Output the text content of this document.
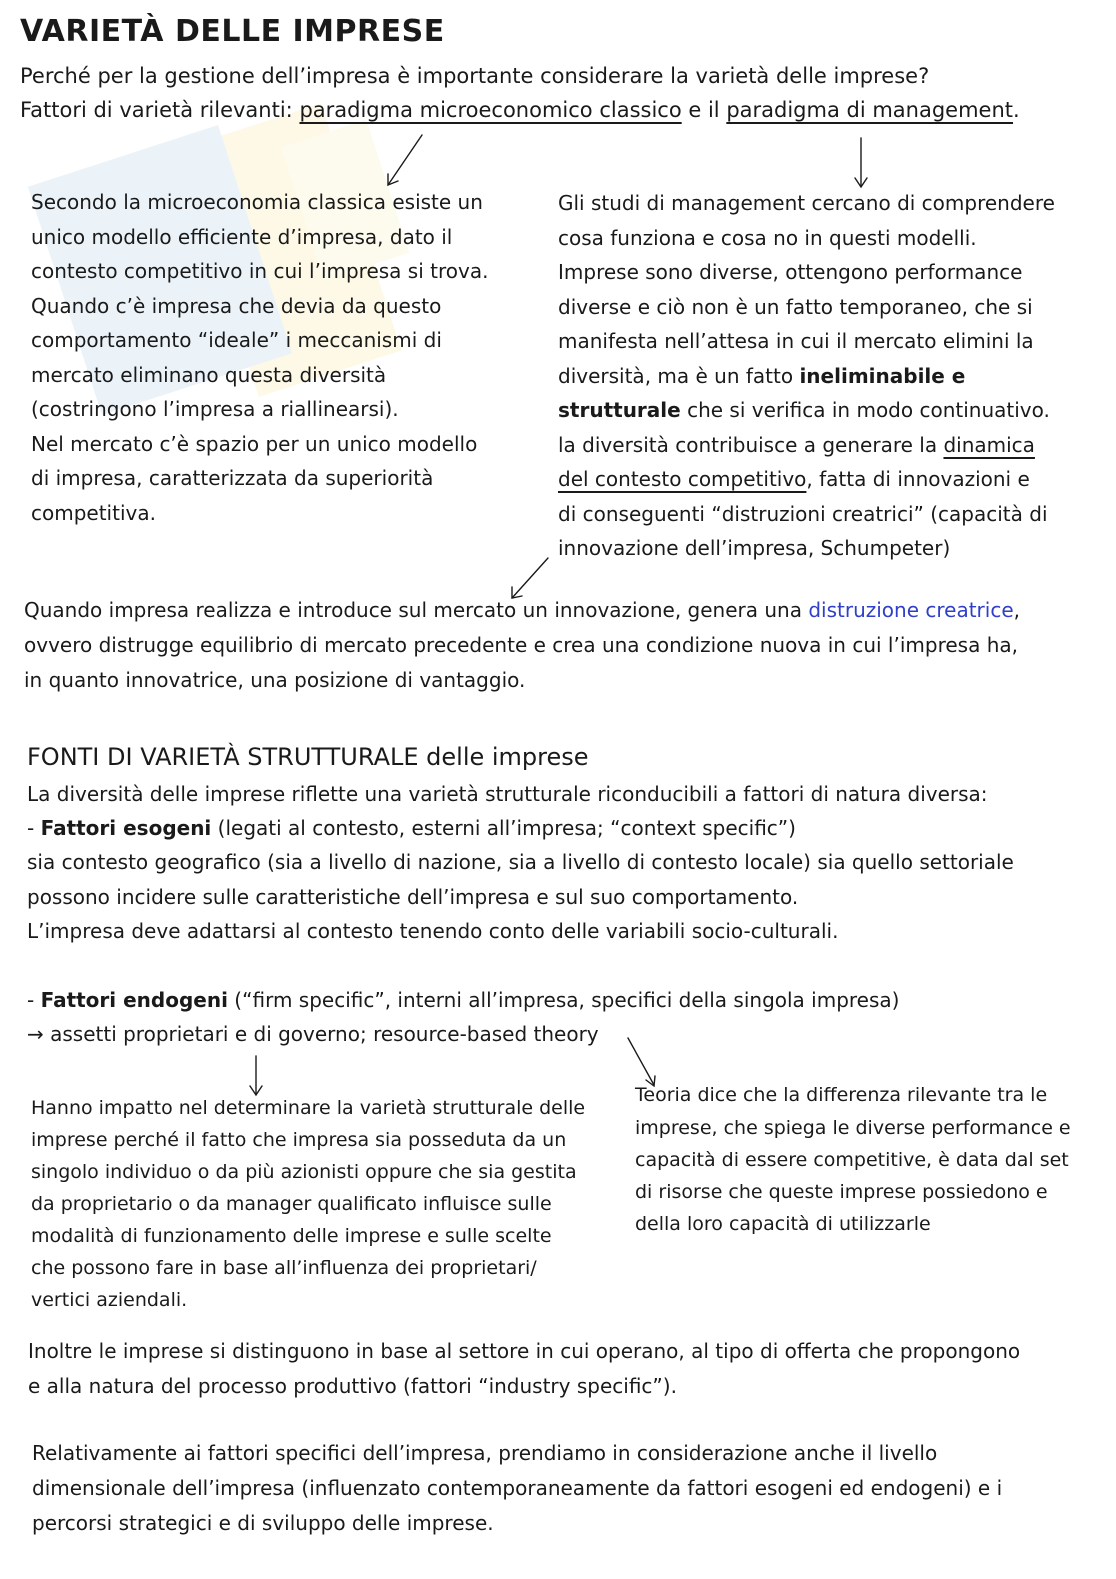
VARIETÀ DELLE IMPRESE
Perché per la gestione dell’impresa è importante considerare la varietà delle imprese?
Fattori di varietà rilevanti: paradigma microeconomico classico e il paradigma di management.
Secondo la microeconomia classica esiste un
unico modello efficiente d’impresa, dato il
contesto competitivo in cui l’impresa si trova.
Quando c’è impresa che devia da questo
comportamento “ideale” i meccanismi di
mercato eliminano questa diversità
(costringono l’impresa a riallinearsi).
Nel mercato c’è spazio per un unico modello
di impresa, caratterizzata da superiorità
competitiva.
Gli studi di management cercano di comprendere
cosa funziona e cosa no in questi modelli.
Imprese sono diverse, ottengono performance
diverse e ciò non è un fatto temporaneo, che si
manifesta nell’attesa in cui il mercato elimini la
diversità, ma è un fatto ineliminabile e
strutturale che si verifica in modo continuativo.
la diversità contribuisce a generare la dinamica
del contesto competitivo, fatta di innovazioni e
di conseguenti “distruzioni creatrici” (capacità di
innovazione dell’impresa, Schumpeter)
Quando impresa realizza e introduce sul mercato un innovazione, genera una distruzione creatrice,
ovvero distrugge equilibrio di mercato precedente e crea una condizione nuova in cui l’impresa ha,
in quanto innovatrice, una posizione di vantaggio.
FONTI DI VARIETÀ STRUTTURALE delle imprese
La diversità delle imprese riflette una varietà strutturale riconducibili a fattori di natura diversa:
- Fattori esogeni (legati al contesto, esterni all’impresa; “context specific”)
sia contesto geografico (sia a livello di nazione, sia a livello di contesto locale) sia quello settoriale
possono incidere sulle caratteristiche dell’impresa e sul suo comportamento.
L’impresa deve adattarsi al contesto tenendo conto delle variabili socio-culturali.
- Fattori endogeni (“firm specific”, interni all’impresa, specifici della singola impresa)
→ assetti proprietari e di governo; resource-based theory
Hanno impatto nel determinare la varietà strutturale delle
imprese perché il fatto che impresa sia posseduta da un
singolo individuo o da più azionisti oppure che sia gestita
da proprietario o da manager qualificato influisce sulle
modalità di funzionamento delle imprese e sulle scelte
che possono fare in base all’influenza dei proprietari/
vertici aziendali.
Teoria dice che la differenza rilevante tra le
imprese, che spiega le diverse performance e
capacità di essere competitive, è data dal set
di risorse che queste imprese possiedono e
della loro capacità di utilizzarle
Inoltre le imprese si distinguono in base al settore in cui operano, al tipo di offerta che propongono
e alla natura del processo produttivo (fattori “industry specific”).
Relativamente ai fattori specifici dell’impresa, prendiamo in considerazione anche il livello
dimensionale dell’impresa (influenzato contemporaneamente da fattori esogeni ed endogeni) e i
percorsi strategici e di sviluppo delle imprese.
